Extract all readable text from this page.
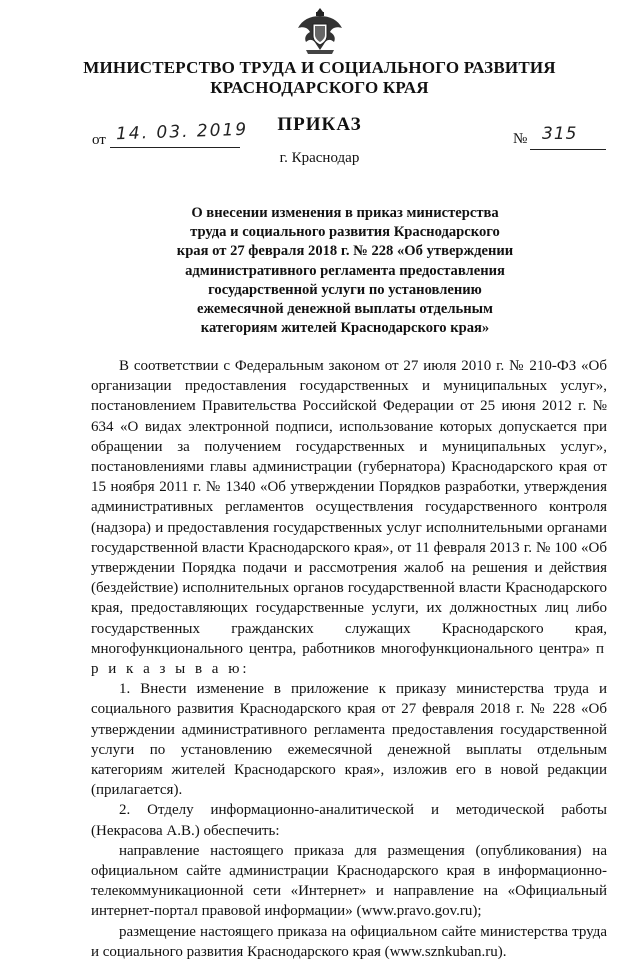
МИНИСТЕРСТВО ТРУДА И СОЦИАЛЬНОГО РАЗВИТИЯ
КРАСНОДАРСКОГО КРАЯ
ПРИКАЗ
от 14. 03. 2019	№ 315
г. Краснодар
О внесении изменения в приказ министерства
труда и социального развития Краснодарского
края от 27 февраля 2018 г. № 228 «Об утверждении
административного регламента предоставления
государственной услуги по установлению
ежемесячной денежной выплаты отдельным
категориям жителей Краснодарского края»

В соответствии с Федеральным законом от 27 июля 2010 г. № 210-ФЗ «Об организации предоставления государственных и муниципальных услуг», постановлением Правительства Российской Федерации от 25 июня 2012 г. № 634 «О видах электронной подписи, использование которых допускается при обращении за получением государственных и муниципальных услуг», постановлениями главы администрации (губернатора) Краснодарского края от 15 ноября 2011 г. № 1340 «Об утверждении Порядков разработки, утверждения административных регламентов осуществления государственного контроля (надзора) и предоставления государственных услуг исполнительными органами государственной власти Краснодарского края», от 11 февраля 2013 г. № 100 «Об утверждении Порядка подачи и рассмотрения жалоб на решения и действия (бездействие) исполнительных органов государственной власти Краснодарского края, предоставляющих государственные услуги, их должностных лиц либо государственных гражданских служащих Краснодарского края, многофункционального центра, работников многофункционального центра» п р и к а з ы в а ю:

1. Внести изменение в приложение к приказу министерства труда и социального развития Краснодарского края от 27 февраля 2018 г. № 228 «Об утверждении административного регламента предоставления государственной услуги по установлению ежемесячной денежной выплаты отдельным категориям жителей Краснодарского края», изложив его в новой редакции (прилагается).

2. Отделу информационно-аналитической и методической работы (Некрасова А.В.) обеспечить:

направление настоящего приказа для размещения (опубликования) на официальном сайте администрации Краснодарского края в информационно-телекоммуникационной сети «Интернет» и направление на «Официальный интернет-портал правовой информации» (www.pravo.gov.ru);

размещение настоящего приказа на официальном сайте министерства труда и социального развития Краснодарского края (www.sznkuban.ru).
